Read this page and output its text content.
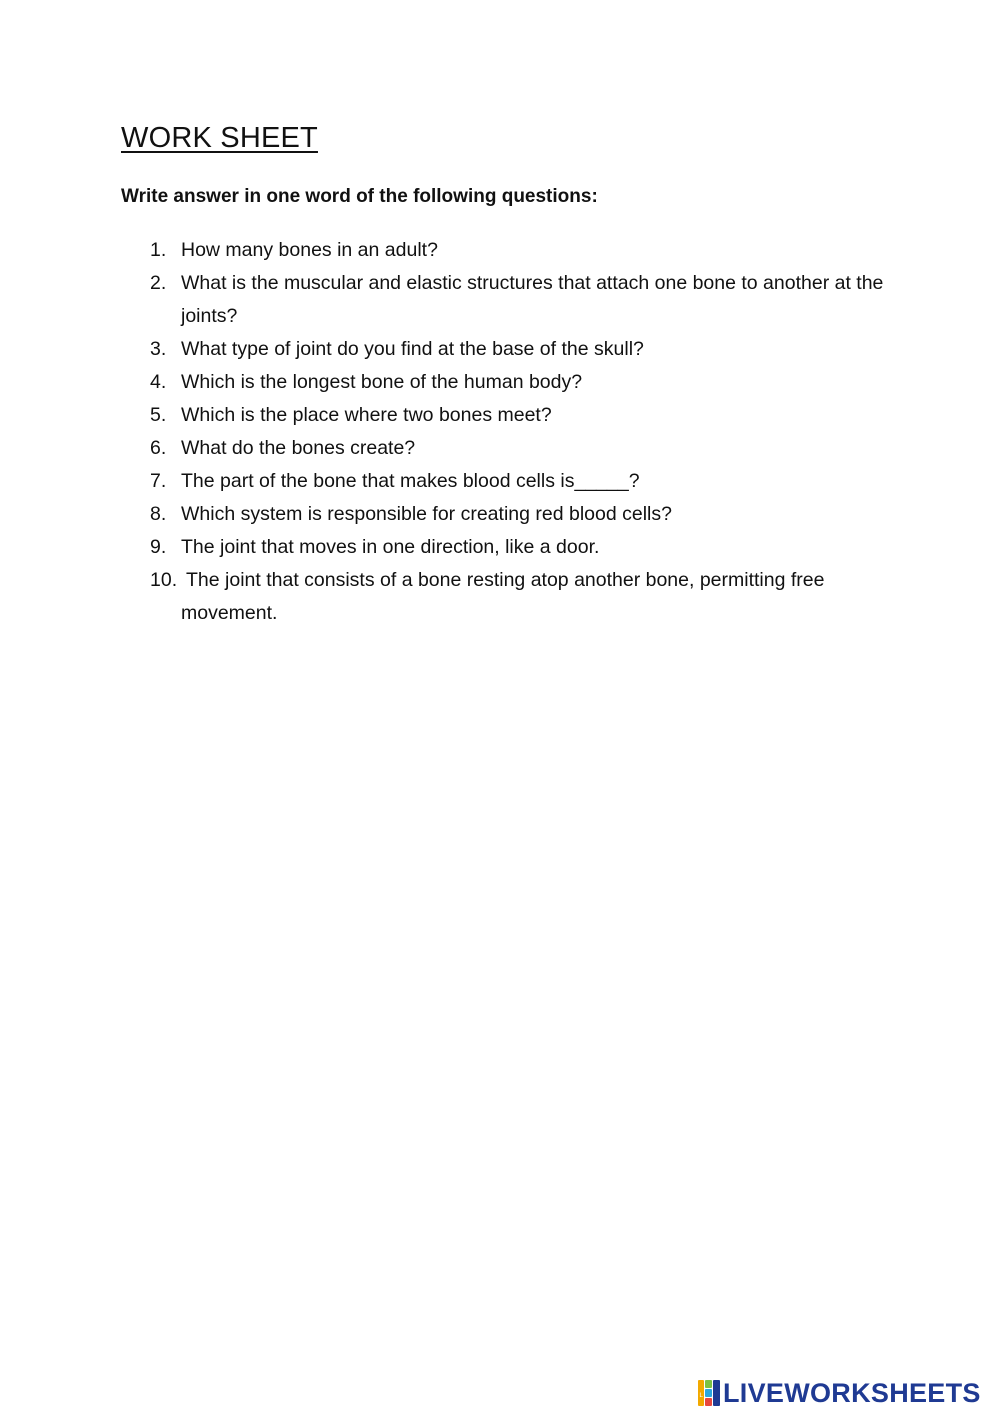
WORK SHEET
Write answer in one word of the following questions:
1. How many bones in an adult?
2. What is the muscular and elastic structures that attach one bone to another at the joints?
3. What type of joint do you find at the base of the skull?
4. Which is the longest bone of the human body?
5. Which is the place where two bones meet?
6. What do the bones create?
7. The part of the bone that makes blood cells is_____?
8. Which system is responsible for creating red blood cells?
9. The joint that moves in one direction, like a door.
10. The joint that consists of a bone resting atop another bone, permitting free movement.
L LIVEWORKSHEETS
